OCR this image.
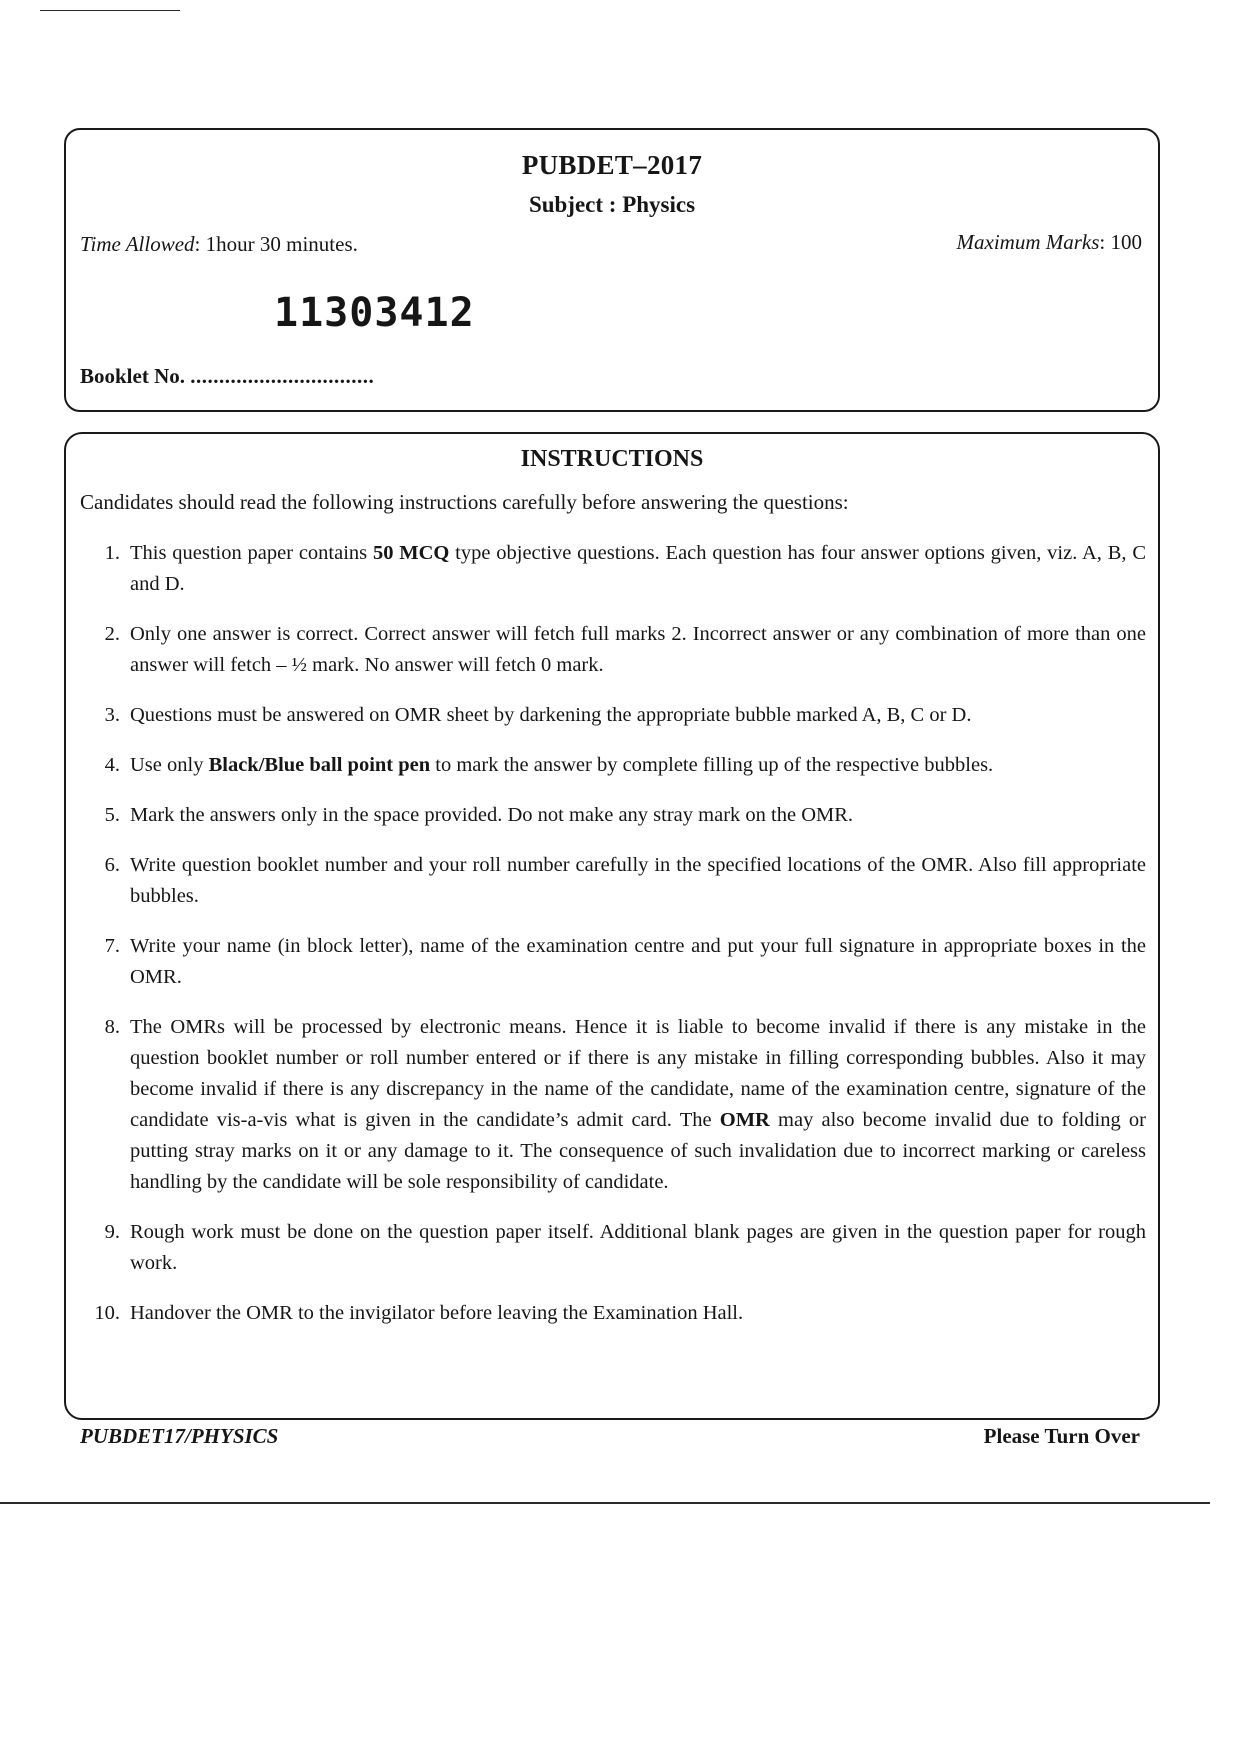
PUBDET–2017
Subject : Physics
Time Allowed: 1hour 30 minutes.	Maximum Marks: 100
11303412
Booklet No. ................................
INSTRUCTIONS
Candidates should read the following instructions carefully before answering the questions:
1. This question paper contains 50 MCQ type objective questions. Each question has four answer options given, viz. A, B, C and D.
2. Only one answer is correct. Correct answer will fetch full marks 2. Incorrect answer or any combination of more than one answer will fetch – ½ mark. No answer will fetch 0 mark.
3. Questions must be answered on OMR sheet by darkening the appropriate bubble marked A, B, C or D.
4. Use only Black/Blue ball point pen to mark the answer by complete filling up of the respective bubbles.
5. Mark the answers only in the space provided. Do not make any stray mark on the OMR.
6. Write question booklet number and your roll number carefully in the specified locations of the OMR. Also fill appropriate bubbles.
7. Write your name (in block letter), name of the examination centre and put your full signature in appropriate boxes in the OMR.
8. The OMRs will be processed by electronic means. Hence it is liable to become invalid if there is any mistake in the question booklet number or roll number entered or if there is any mistake in filling corresponding bubbles. Also it may become invalid if there is any discrepancy in the name of the candidate, name of the examination centre, signature of the candidate vis-a-vis what is given in the candidate’s admit card. The OMR may also become invalid due to folding or putting stray marks on it or any damage to it. The consequence of such invalidation due to incorrect marking or careless handling by the candidate will be sole responsibility of candidate.
9. Rough work must be done on the question paper itself. Additional blank pages are given in the question paper for rough work.
10. Handover the OMR to the invigilator before leaving the Examination Hall.
PUBDET17/PHYSICS	Please Turn Over
